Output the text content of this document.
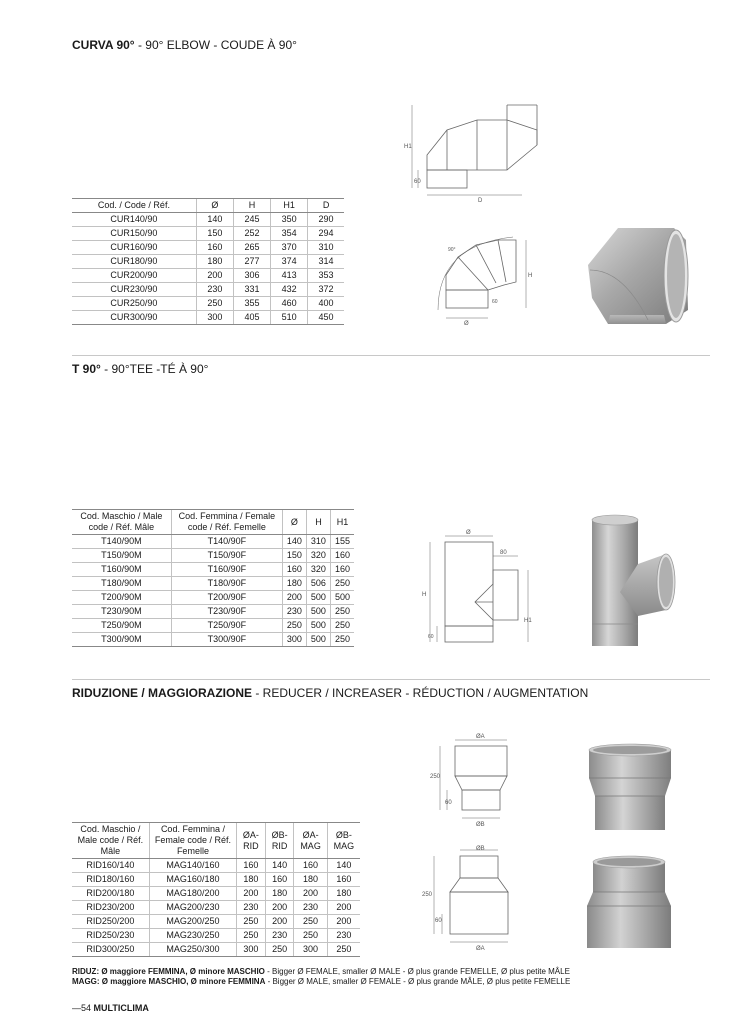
CURVA 90° - 90° ELBOW - COUDE À 90°
Cod. / Code / Réf.	Ø	H	H1	D
CUR140/90	140	245	350	290
CUR150/90	150	252	354	294
CUR160/90	160	265	370	310
CUR180/90	180	277	374	314
CUR200/90	200	306	413	353
CUR230/90	230	331	432	372
CUR250/90	250	355	460	400
CUR300/90	300	405	510	450
H1
60
D
90°
H
60
Ø
T 90° - 90°TEE -TÉ À 90°
Cod. Maschio / Male code / Réf. Mâle	Cod. Femmina / Female code / Réf. Femelle	Ø	H	H1
T140/90M	T140/90F	140	310	155
T150/90M	T150/90F	150	320	160
T160/90M	T160/90F	160	320	160
T180/90M	T180/90F	180	506	250
T200/90M	T200/90F	200	500	500
T230/90M	T230/90F	230	500	250
T250/90M	T250/90F	250	500	250
T300/90M	T300/90F	300	500	250
Ø
80
H
H1
60
RIDUZIONE / MAGGIORAZIONE - REDUCER / INCREASER - RÉDUCTION / AUGMENTATION
Cod. Maschio / Male code / Réf. Mâle	Cod. Femmina / Female code / Réf. Femelle	ØA- RID	ØB- RID	ØA- MAG	ØB- MAG
RID160/140	MAG140/160	160	140	160	140
RID180/160	MAG160/180	180	160	180	160
RID200/180	MAG180/200	200	180	200	180
RID230/200	MAG200/230	230	200	230	200
RID250/200	MAG200/250	250	200	250	200
RID250/230	MAG230/250	250	230	250	230
RID300/250	MAG250/300	300	250	300	250
ØA
250
60
ØB
ØB
250
60
ØA
RIDUZ: Ø maggiore FEMMINA, Ø minore MASCHIO - Bigger Ø FEMALE, smaller Ø MALE - Ø plus grande FEMELLE, Ø plus petite MÂLE
MAGG: Ø maggiore MASCHIO, Ø minore FEMMINA - Bigger Ø MALE, smaller Ø FEMALE - Ø plus grande MÂLE, Ø plus petite FEMELLE
—54 MULTICLIMA
